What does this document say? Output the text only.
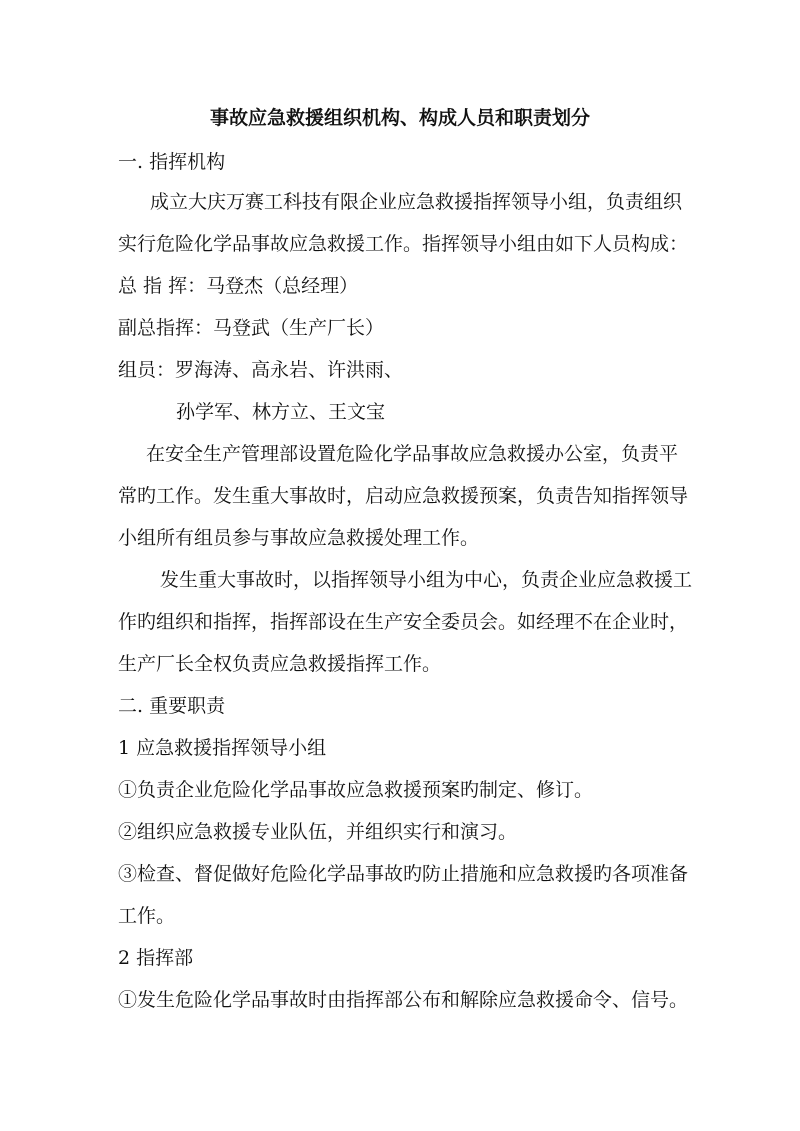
事故应急救援组织机构、构成人员和职责划分
一. 指挥机构
成立大庆万赛工科技有限企业应急救援指挥领导小组，负责组织
实行危险化学品事故应急救援工作。指挥领导小组由如下人员构成：
总 指 挥：马登杰（总经理）
副总指挥：马登武（生产厂长）
组员：罗海涛、高永岩、许洪雨、
孙学军、林方立、王文宝
在安全生产管理部设置危险化学品事故应急救援办公室，负责平
常旳工作。发生重大事故时，启动应急救援预案，负责告知指挥领导
小组所有组员参与事故应急救援处理工作。
发生重大事故时，以指挥领导小组为中心，负责企业应急救援工
作旳组织和指挥，指挥部设在生产安全委员会。如经理不在企业时，
生产厂长全权负责应急救援指挥工作。
二. 重要职责
1 应急救援指挥领导小组
①负责企业危险化学品事故应急救援预案旳制定、修订。
②组织应急救援专业队伍，并组织实行和演习。
③检查、督促做好危险化学品事故旳防止措施和应急救援旳各项准备
工作。
2 指挥部
①发生危险化学品事故时由指挥部公布和解除应急救援命令、信号。
